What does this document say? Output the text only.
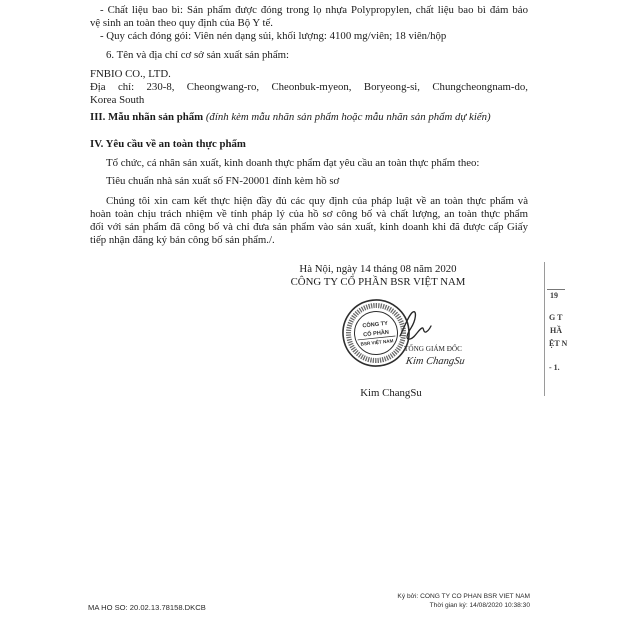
- Chất liệu bao bì: Sản phẩm được đóng trong lọ nhựa Polypropylen, chất liệu bao bì đảm bảo
vệ sinh an toàn theo quy định của Bộ Y tế.
- Quy cách đóng gói: Viên nén dạng sủi, khối lượng: 4100 mg/viên; 18 viên/hộp
6. Tên và địa chỉ cơ sở sản xuất sản phẩm:
FNBIO CO., LTD.
Địa chỉ: 230-8, Cheongwang-ro, Cheonbuk-myeon, Boryeong-si, Chungcheongnam-do,
Korea South
III. Mẫu nhãn sản phẩm (đính kèm mẫu nhãn sản phẩm hoặc mẫu nhãn sản phẩm dự kiến)
IV. Yêu cầu về an toàn thực phẩm
Tổ chức, cá nhân sản xuất, kinh doanh thực phẩm đạt yêu cầu an toàn thực phẩm theo:
Tiêu chuẩn nhà sản xuất số FN-20001 đính kèm hồ sơ
Chúng tôi xin cam kết thực hiện đầy đủ các quy định của pháp luật về an toàn thực phẩm và
hoàn toàn chịu trách nhiệm về tính pháp lý của hồ sơ công bố và chất lượng, an toàn thực phẩm
đối với sản phẩm đã công bố và chỉ đưa sản phẩm vào sản xuất, kinh doanh khi đã được cấp Giấy
tiếp nhận đăng ký bản công bố sản phẩm./.
Hà Nội, ngày 14 tháng 08 năm 2020
CÔNG TY CỔ PHẦN BSR VIỆT NAM
CÔNG TY
CỔ PHẦN
BSR VIỆT NAM
TỔNG GIÁM ĐỐC
Kim ChangSu
Kim ChangSu
19
G T
HẦ
ỆT N
- 1.
MA HO SO: 20.02.13.78158.DKCB
Ký bởi: CONG TY CO PHAN BSR VIET NAM
Thời gian ký: 14/08/2020 10:38:30
